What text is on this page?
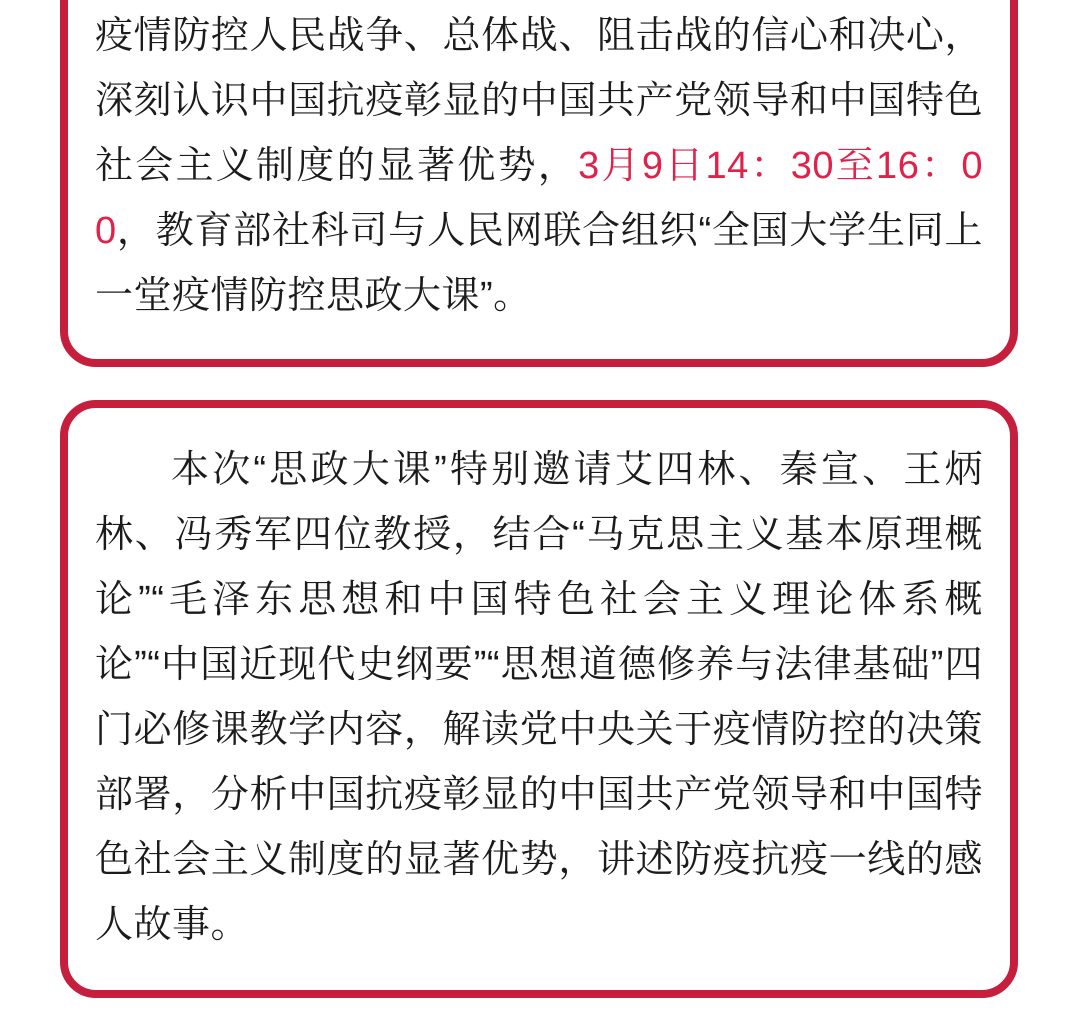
疫情防控人民战争、总体战、阻击战的信心和决心，深刻认识中国抗疫彰显的中国共产党领导和中国特色社会主义制度的显著优势，3月9日14：30至16：00，教育部社科司与人民网联合组织“全国大学生同上一堂疫情防控思政大课”。

本次“思政大课”特别邀请艾四林、秦宣、王炳林、冯秀军四位教授，结合“马克思主义基本原理概论”“毛泽东思想和中国特色社会主义理论体系概论”“中国近现代史纲要”“思想道德修养与法律基础”四门必修课教学内容，解读党中央关于疫情防控的决策部署，分析中国抗疫彰显的中国共产党领导和中国特色社会主义制度的显著优势，讲述防疫抗疫一线的感人故事。
